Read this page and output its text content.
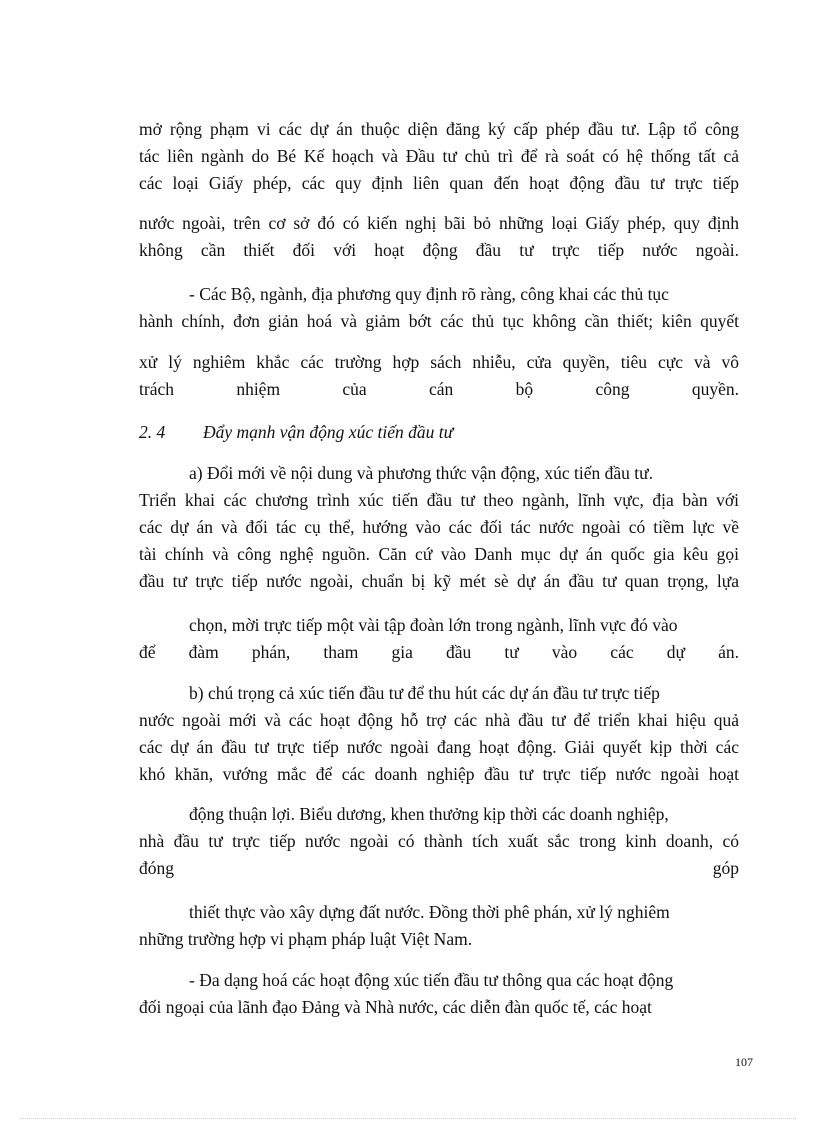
mở rộng phạm vi các dự án thuộc diện đăng ký cấp phép đầu tư. Lập tổ công
tác liên ngành do Bé Kế hoạch và Đầu tư chủ trì để rà soát có hệ thống tất cả
các loại Giấy phép, các quy định liên quan đến hoạt động đầu tư trực tiếp
nước ngoài, trên cơ sở đó có kiến nghị bãi bỏ những loại Giấy phép, quy định
không cần thiết đối với hoạt động đầu tư trực tiếp nước ngoài.
- Các Bộ, ngành, địa phương quy định rõ ràng, công khai các thủ tục
hành chính, đơn giản hoá và giảm bớt các thủ tục không cần thiết; kiên quyết
xử lý nghiêm khắc các trường hợp sách nhiễu, cửa quyền, tiêu cực và vô
trách nhiệm của cán bộ công quyền.
2. 4 Đẩy mạnh vận động xúc tiến đầu tư
a) Đổi mới về nội dung và phương thức vận động, xúc tiến đầu tư.
Triển khai các chương trình xúc tiến đầu tư theo ngành, lĩnh vực, địa bàn với
các dự án và đối tác cụ thể, hướng vào các đối tác nước ngoài có tiềm lực về
tài chính và công nghệ nguồn. Căn cứ vào Danh mục dự án quốc gia kêu gọi
đầu tư trực tiếp nước ngoài, chuẩn bị kỹ mét sè dự án đầu tư quan trọng, lựa
chọn, mời trực tiếp một vài tập đoàn lớn trong ngành, lĩnh vực đó vào
để đàm phán, tham gia đầu tư vào các dự án.
b) chú trọng cả xúc tiến đầu tư để thu hút các dự án đầu tư trực tiếp
nước ngoài mới và các hoạt động hỗ trợ các nhà đầu tư để triển khai hiệu quả
các dự án đầu tư trực tiếp nước ngoài đang hoạt động. Giải quyết kịp thời các
khó khăn, vướng mắc để các doanh nghiệp đầu tư trực tiếp nước ngoài hoạt
động thuận lợi. Biểu dương, khen thưởng kịp thời các doanh nghiệp,
nhà đầu tư trực tiếp nước ngoài có thành tích xuất sắc trong kinh doanh, có
đóng góp
thiết thực vào xây dựng đất nước. Đồng thời phê phán, xử lý nghiêm
những trường hợp vi phạm pháp luật Việt Nam.
- Đa dạng hoá các hoạt động xúc tiến đầu tư thông qua các hoạt động
đối ngoại của lãnh đạo Đảng và Nhà nước, các diễn đàn quốc tế, các hoạt
107
